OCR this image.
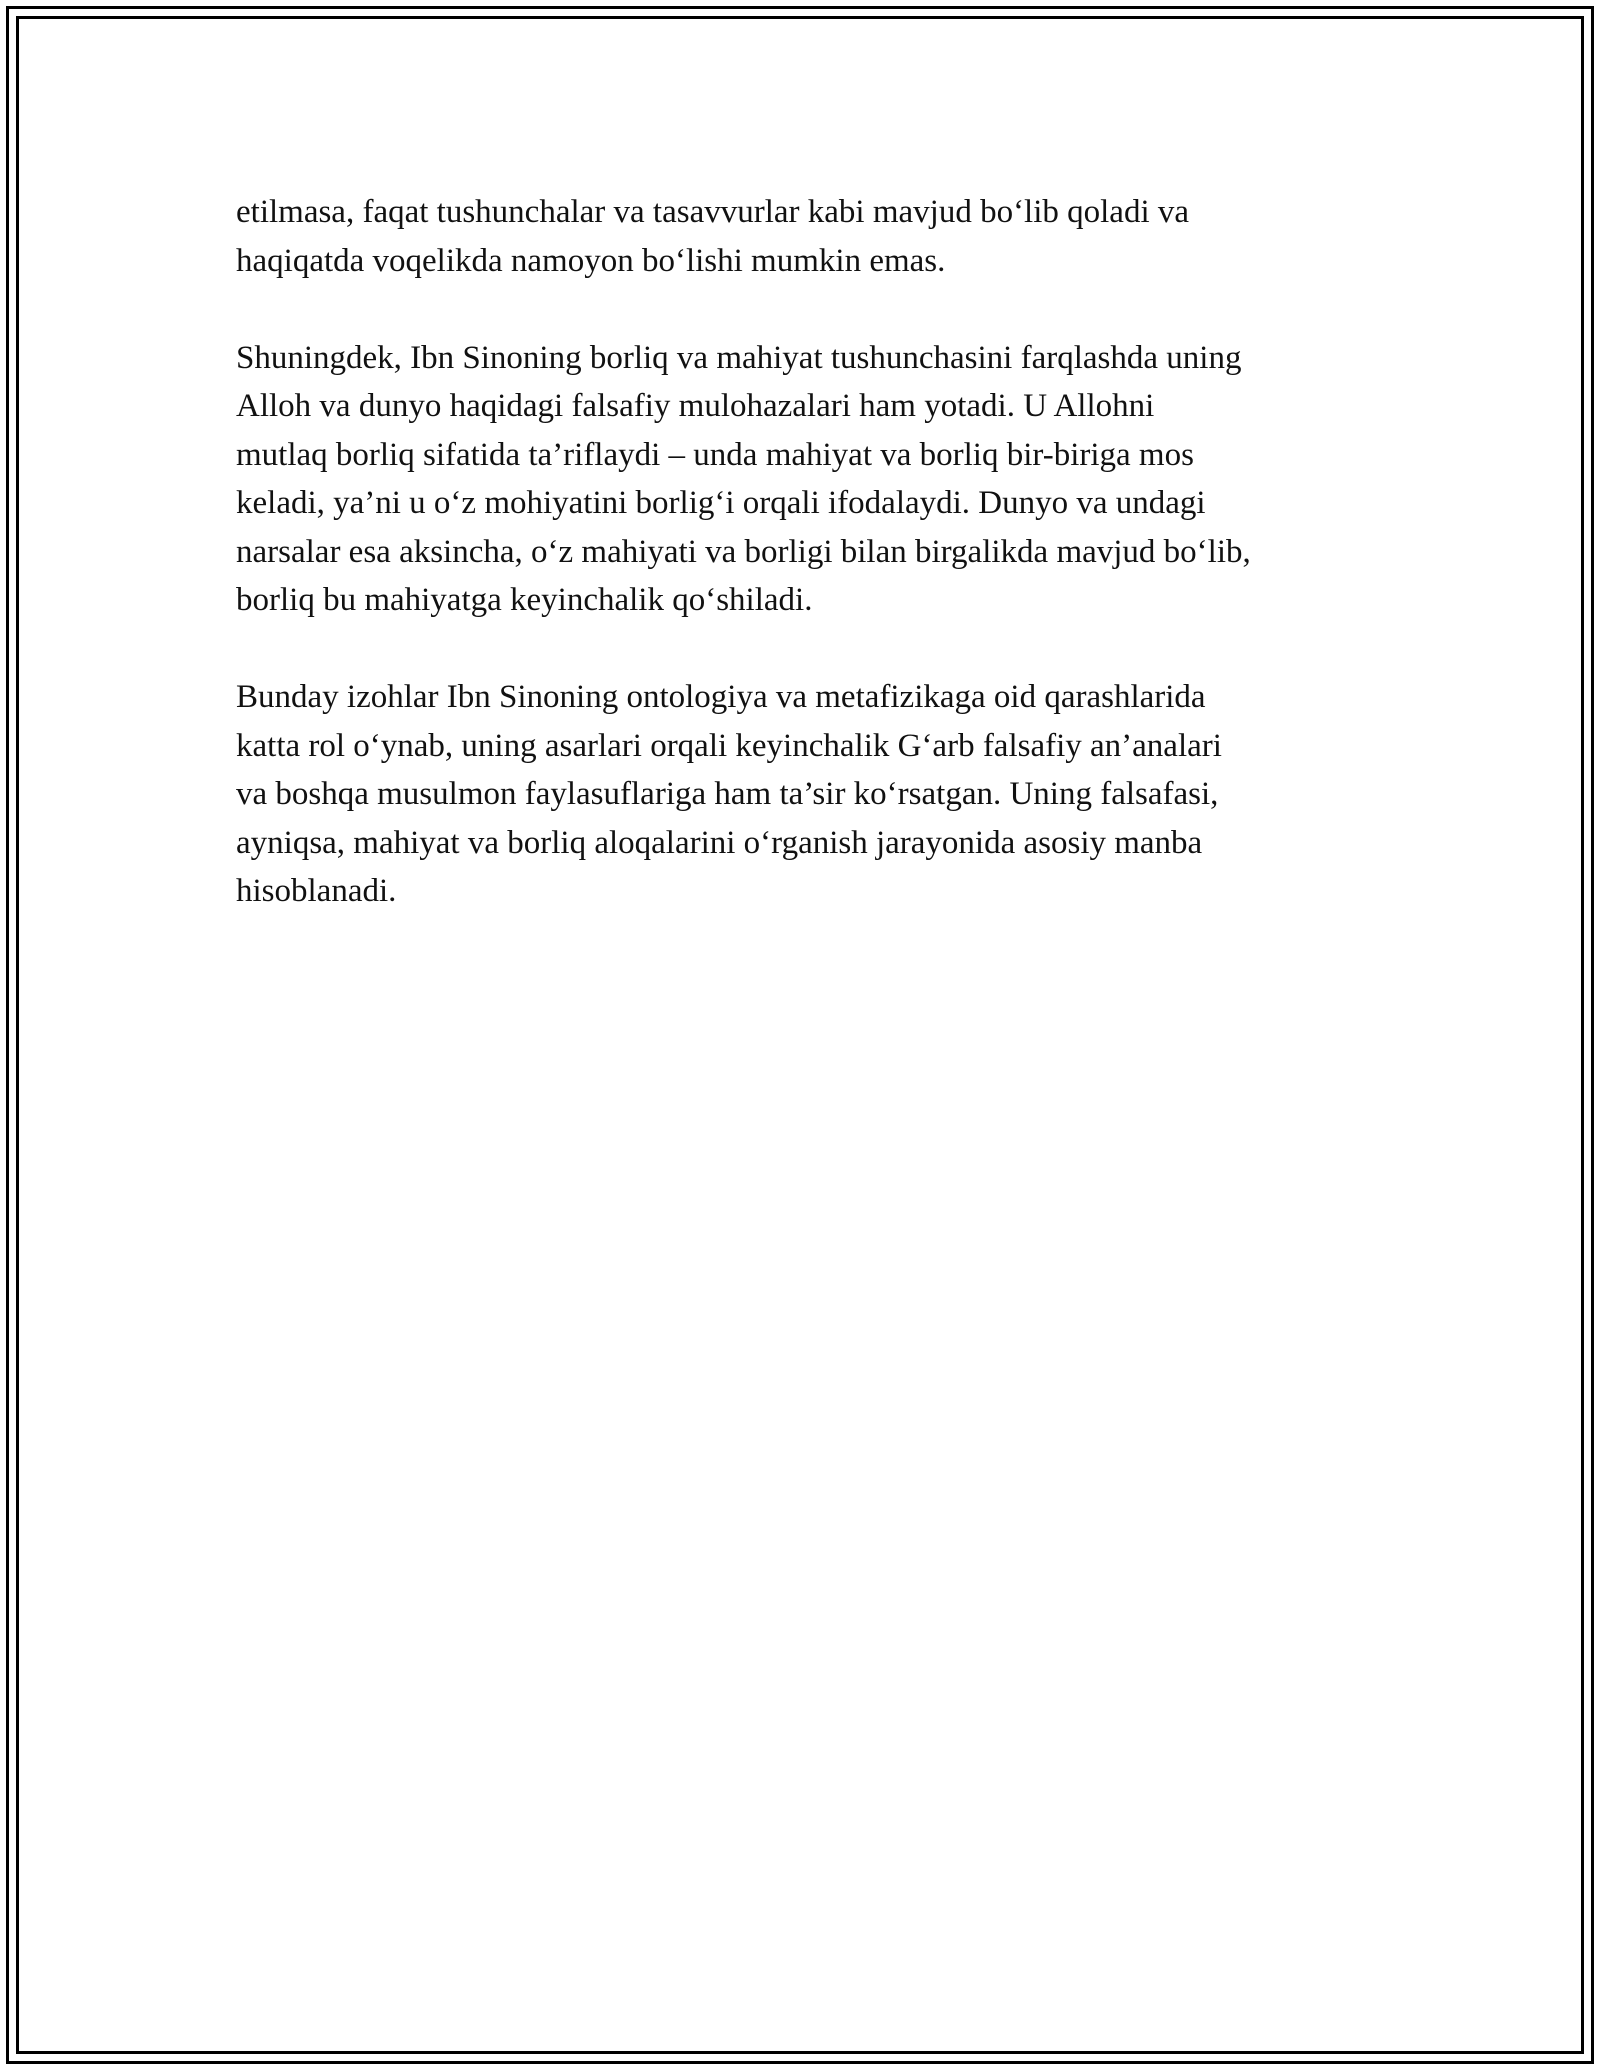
etilmasa, faqat tushunchalar va tasavvurlar kabi mavjud bo‘lib qoladi va
haqiqatda voqelikda namoyon bo‘lishi mumkin emas.

Shuningdek, Ibn Sinoning borliq va mahiyat tushunchasini farqlashda uning
Alloh va dunyo haqidagi falsafiy mulohazalari ham yotadi. U Allohni
mutlaq borliq sifatida ta’riflaydi – unda mahiyat va borliq bir-biriga mos
keladi, ya’ni u o‘z mohiyatini borlig‘i orqali ifodalaydi. Dunyo va undagi
narsalar esa aksincha, o‘z mahiyati va borligi bilan birgalikda mavjud bo‘lib,
borliq bu mahiyatga keyinchalik qo‘shiladi.

Bunday izohlar Ibn Sinoning ontologiya va metafizikaga oid qarashlarida
katta rol o‘ynab, uning asarlari orqali keyinchalik G‘arb falsafiy an’analari
va boshqa musulmon faylasuflariga ham ta’sir ko‘rsatgan. Uning falsafasi,
ayniqsa, mahiyat va borliq aloqalarini o‘rganish jarayonida asosiy manba
hisoblanadi.
